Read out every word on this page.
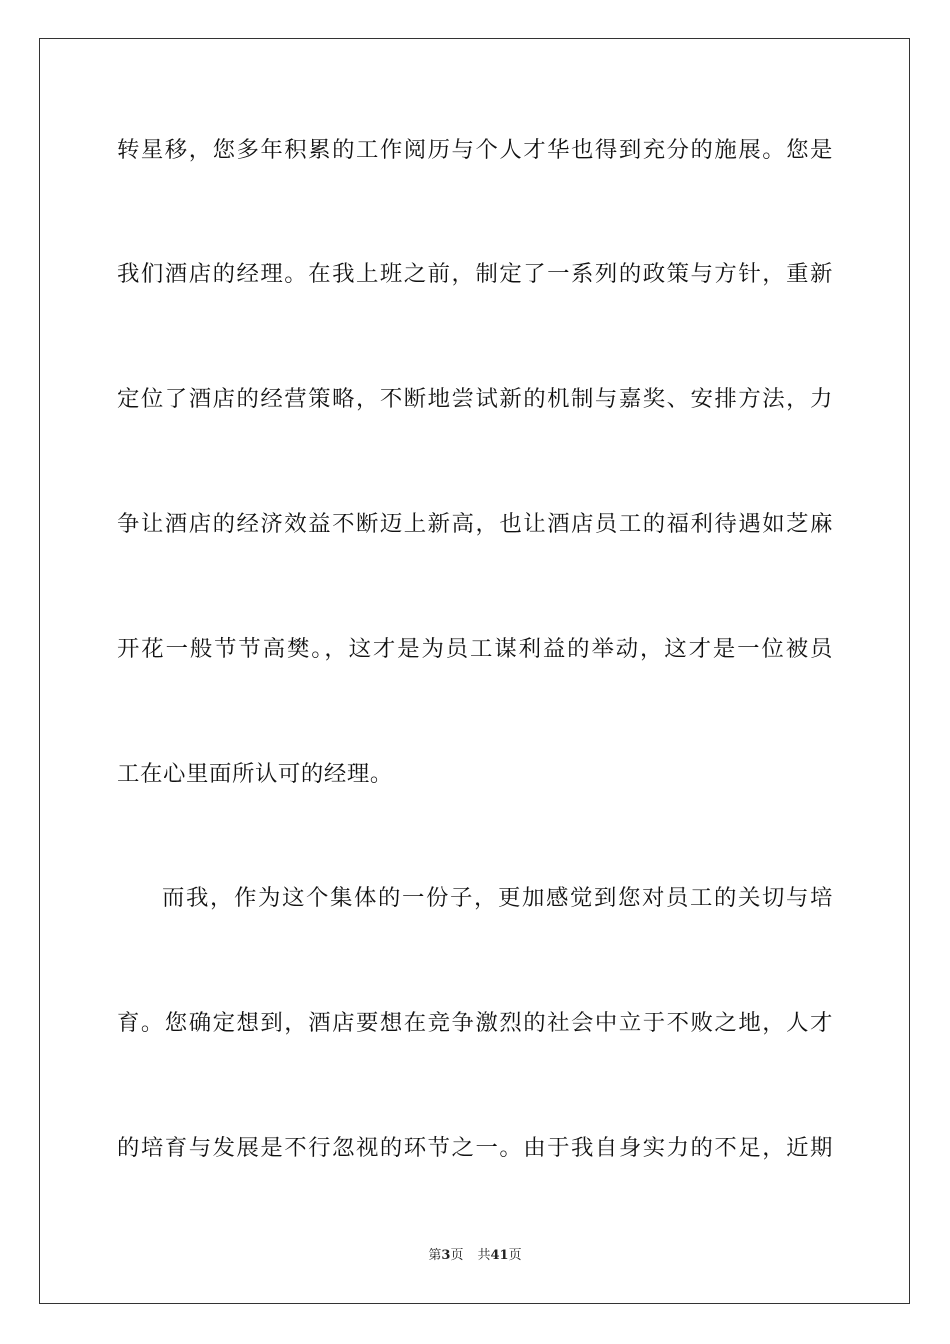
转星移，您多年积累的工作阅历与个人才华也得到充分的施展。您是
我们酒店的经理。在我上班之前，制定了一系列的政策与方针，重新
定位了酒店的经营策略，不断地尝试新的机制与嘉奖、安排方法，力
争让酒店的经济效益不断迈上新高，也让酒店员工的福利待遇如芝麻
开花一般节节高樊。，这才是为员工谋利益的举动，这才是一位被员
工在心里面所认可的经理。
而我，作为这个集体的一份子，更加感觉到您对员工的关切与培
育。您确定想到，酒店要想在竞争激烈的社会中立于不败之地，人才
的培育与发展是不行忽视的环节之一。由于我自身实力的不足，近期
第3页 共41页
